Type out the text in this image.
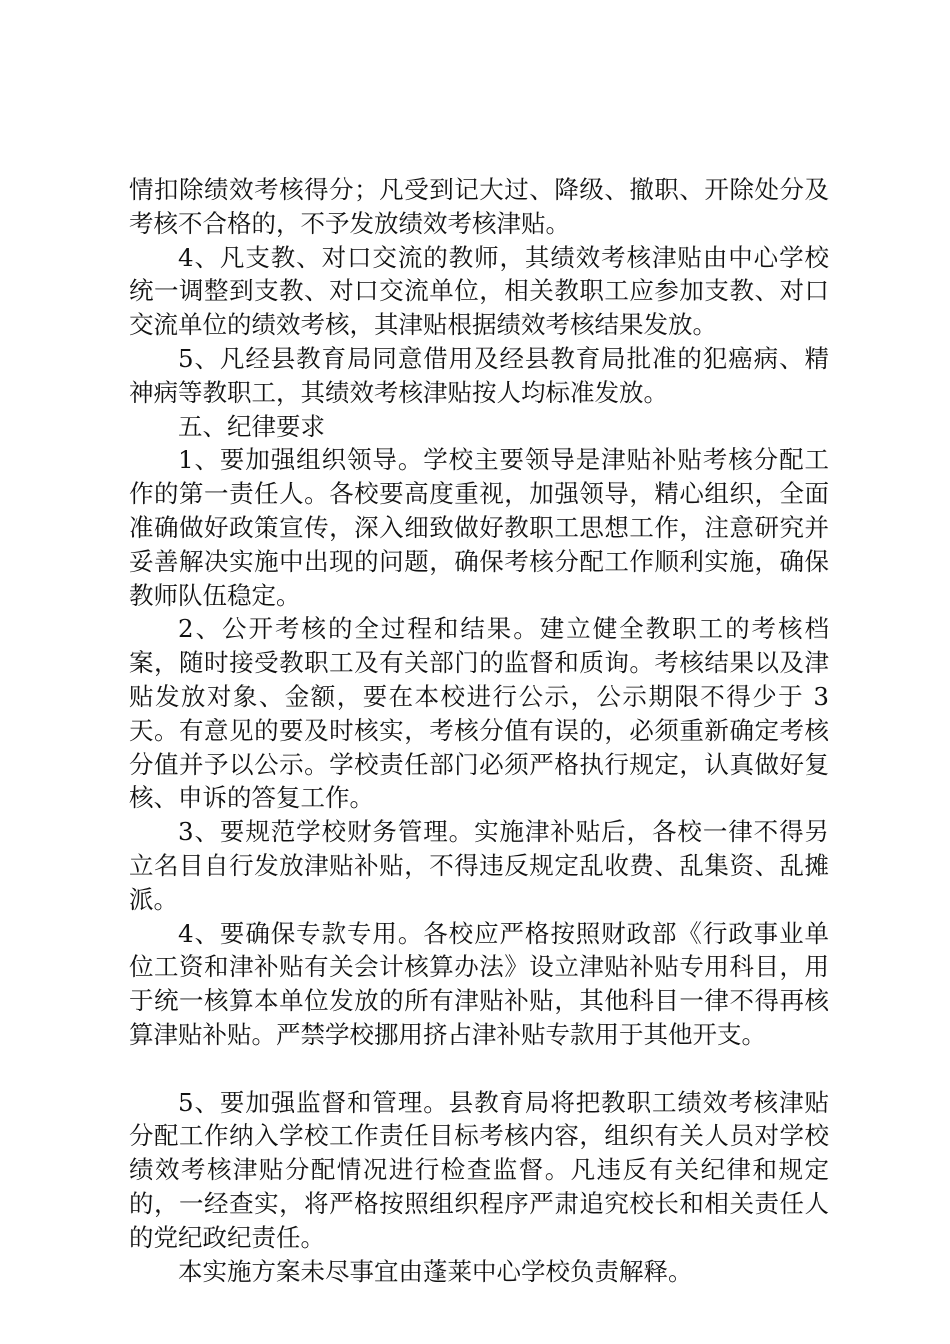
情扣除绩效考核得分；凡受到记大过、降级、撤职、开除处分及考核不合格的，不予发放绩效考核津贴。

4、凡支教、对口交流的教师，其绩效考核津贴由中心学校统一调整到支教、对口交流单位，相关教职工应参加支教、对口交流单位的绩效考核，其津贴根据绩效考核结果发放。

5、凡经县教育局同意借用及经县教育局批准的犯癌病、精神病等教职工，其绩效考核津贴按人均标准发放。

五、纪律要求

1、要加强组织领导。学校主要领导是津贴补贴考核分配工作的第一责任人。各校要高度重视，加强领导，精心组织，全面准确做好政策宣传，深入细致做好教职工思想工作，注意研究并妥善解决实施中出现的问题，确保考核分配工作顺利实施，确保教师队伍稳定。

2、公开考核的全过程和结果。建立健全教职工的考核档案，随时接受教职工及有关部门的监督和质询。考核结果以及津贴发放对象、金额，要在本校进行公示，公示期限不得少于 3 天。有意见的要及时核实，考核分值有误的，必须重新确定考核分值并予以公示。学校责任部门必须严格执行规定，认真做好复核、申诉的答复工作。

3、要规范学校财务管理。实施津补贴后，各校一律不得另立名目自行发放津贴补贴，不得违反规定乱收费、乱集资、乱摊派。

4、要确保专款专用。各校应严格按照财政部《行政事业单位工资和津补贴有关会计核算办法》设立津贴补贴专用科目，用于统一核算本单位发放的所有津贴补贴，其他科目一律不得再核算津贴补贴。严禁学校挪用挤占津补贴专款用于其他开支。

5、要加强监督和管理。县教育局将把教职工绩效考核津贴分配工作纳入学校工作责任目标考核内容，组织有关人员对学校绩效考核津贴分配情况进行检查监督。凡违反有关纪律和规定的，一经查实，将严格按照组织程序严肃追究校长和相关责任人的党纪政纪责任。

本实施方案未尽事宜由蓬莱中心学校负责解释。
